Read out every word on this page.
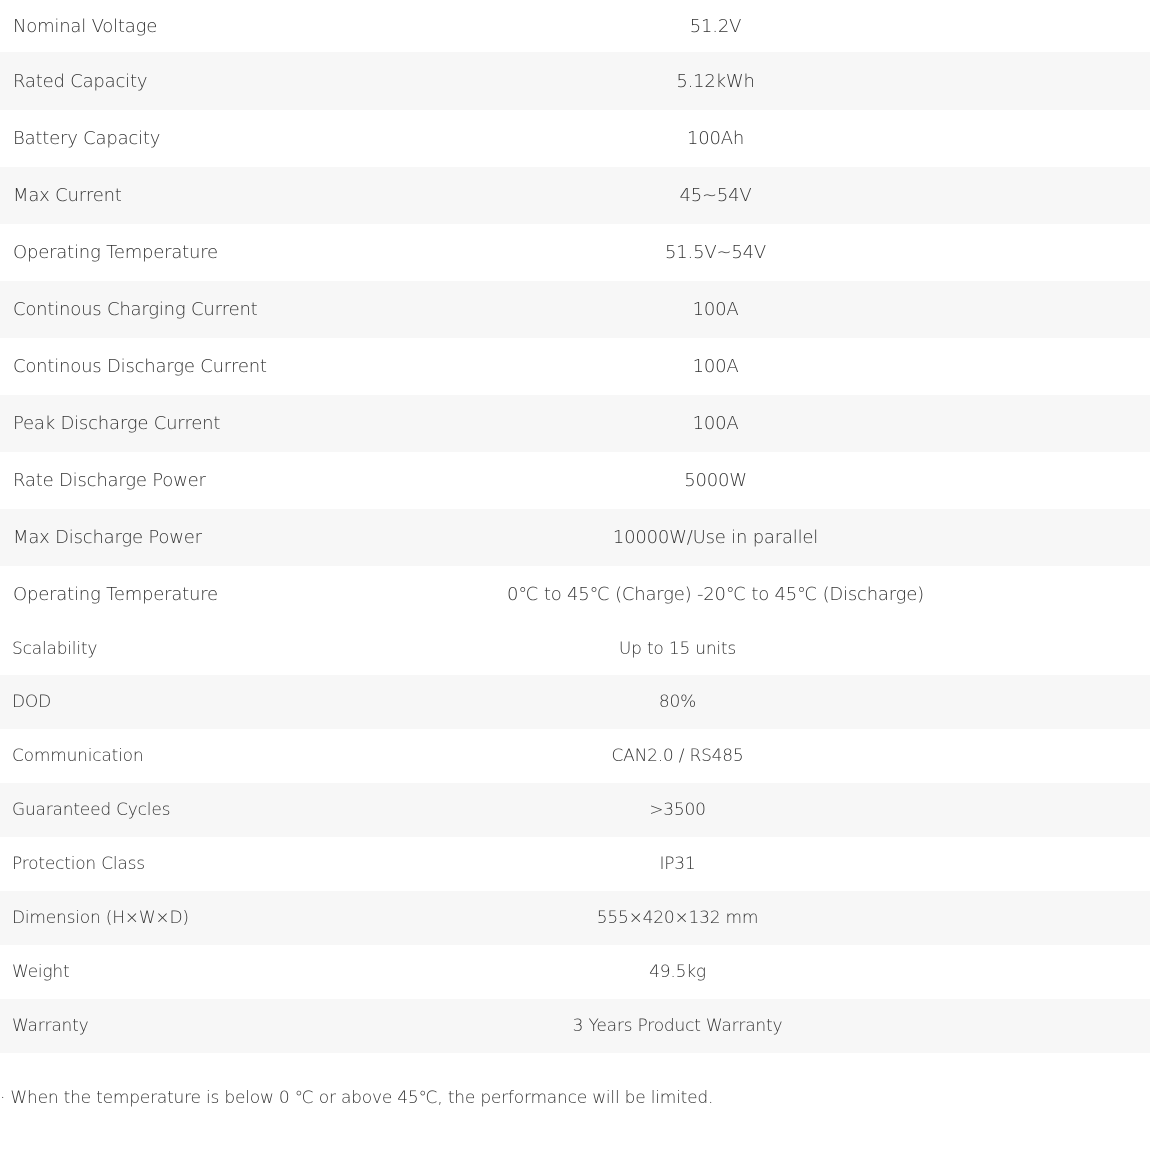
Nominal Voltage	51.2V
Rated Capacity	5.12kWh
Battery Capacity	100Ah
Max Current	45~54V
Operating Temperature	51.5V~54V
Continous Charging Current	100A
Continous Discharge Current	100A
Peak Discharge Current	100A
Rate Discharge Power	5000W
Max Discharge Power	10000W/Use in parallel
Operating Temperature	0℃ to 45℃ (Charge) -20℃ to 45℃ (Discharge)
Scalability	Up to 15 units
DOD	80%
Communication	CAN2.0 / RS485
Guaranteed Cycles	>3500
Protection Class	IP31
Dimension (H×W×D)	555×420×132 mm
Weight	49.5kg
Warranty	3 Years Product Warranty
· When the temperature is below 0 ℃ or above 45℃, the performance will be limited.
